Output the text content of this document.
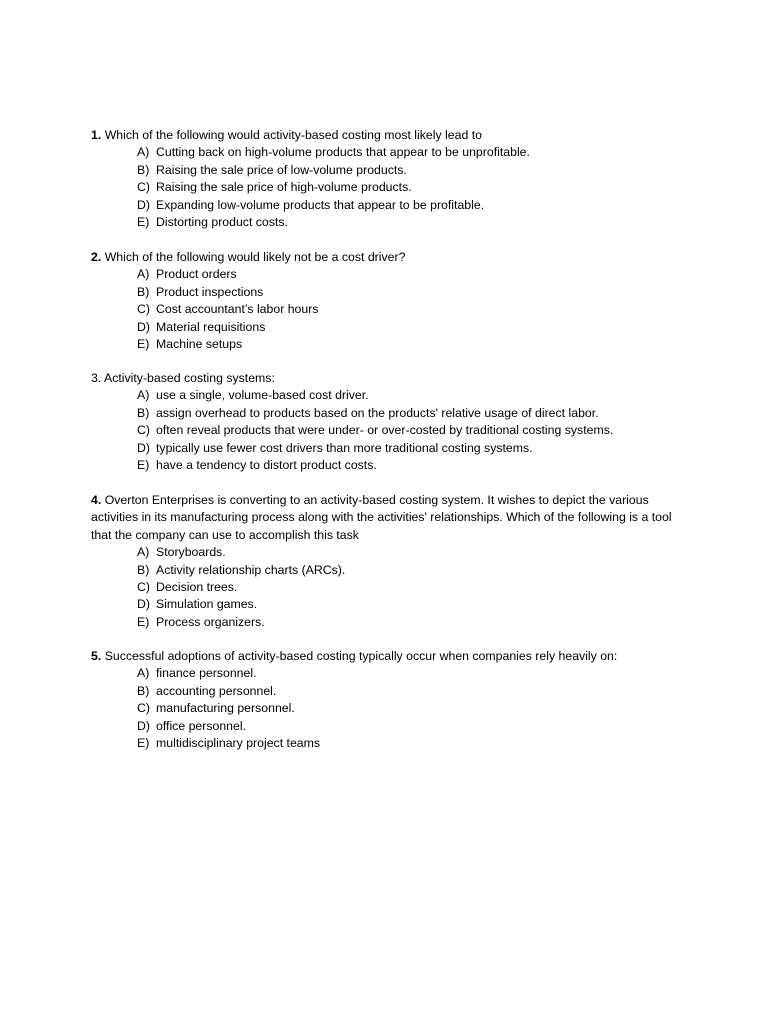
1. Which of the following would activity-based costing most likely lead to

A) Cutting back on high-volume products that appear to be unprofitable.
B) Raising the sale price of low-volume products.
C) Raising the sale price of high-volume products.
D) Expanding low-volume products that appear to be profitable.
E) Distorting product costs.

2. Which of the following would likely not be a cost driver?

A) Product orders
B) Product inspections
C) Cost accountant’s labor hours
D) Material requisitions
E) Machine setups

3. Activity-based costing systems:

A) use a single, volume-based cost driver.
B) assign overhead to products based on the products' relative usage of direct labor.
C) often reveal products that were under- or over-costed by traditional costing systems.
D) typically use fewer cost drivers than more traditional costing systems.
E) have a tendency to distort product costs.

4. Overton Enterprises is converting to an activity-based costing system. It wishes to depict the various activities in its manufacturing process along with the activities' relationships. Which of the following is a tool that the company can use to accomplish this task

A) Storyboards.
B) Activity relationship charts (ARCs).
C) Decision trees.
D) Simulation games.
E) Process organizers.

5. Successful adoptions of activity-based costing typically occur when companies rely heavily on:

A) finance personnel.
B) accounting personnel.
C) manufacturing personnel.
D) office personnel.
E) multidisciplinary project teams
